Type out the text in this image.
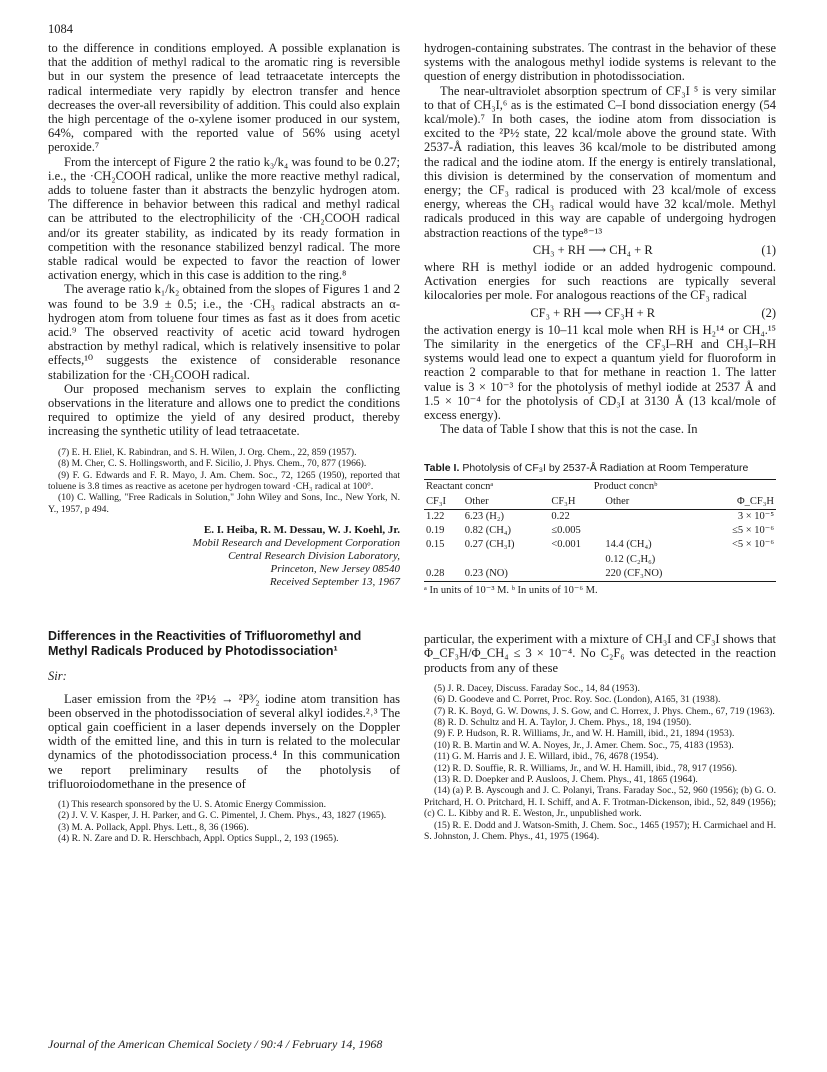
1084

to the difference in conditions employed. A possible explanation is that the addition of methyl radical to the aromatic ring is reversible but in our system the presence of lead tetraacetate intercepts the radical intermediate very rapidly by electron transfer and hence decreases the over-all reversibility of addition. This could also explain the high percentage of the o-xylene isomer produced in our system, 64%, compared with the reported value of 56% using acetyl peroxide.⁷

From the intercept of Figure 2 the ratio k₃/k₄ was found to be 0.27; i.e., the ·CH₂COOH radical, unlike the more reactive methyl radical, adds to toluene faster than it abstracts the benzylic hydrogen atom. The difference in behavior between this radical and methyl radical can be attributed to the electrophilicity of the ·CH₂COOH radical and/or its greater stability, as indicated by its ready formation in competition with the resonance stabilized benzyl radical. The more stable radical would be expected to favor the reaction of lower activation energy, which in this case is addition to the ring.⁸

The average ratio k₁/k₂ obtained from the slopes of Figures 1 and 2 was found to be 3.9 ± 0.5; i.e., the ·CH₃ radical abstracts an α-hydrogen atom from toluene four times as fast as it does from acetic acid.⁹ The observed reactivity of acetic acid toward hydrogen abstraction by methyl radical, which is relatively insensitive to polar effects,¹⁰ suggests the existence of considerable resonance stabilization for the ·CH₂COOH radical.

Our proposed mechanism serves to explain the conflicting observations in the literature and allows one to predict the conditions required to optimize the yield of any desired product, thereby increasing the synthetic utility of lead tetraacetate.

(7) E. H. Eliel, K. Rabindran, and S. H. Wilen, J. Org. Chem., 22, 859 (1957).

(8) M. Cher, C. S. Hollingsworth, and F. Sicilio, J. Phys. Chem., 70, 877 (1966).

(9) F. G. Edwards and F. R. Mayo, J. Am. Chem. Soc., 72, 1265 (1950), reported that toluene is 3.8 times as reactive as acetone per hydrogen toward ·CH₃ radical at 100°.

(10) C. Walling, "Free Radicals in Solution," John Wiley and Sons, Inc., New York, N. Y., 1957, p 494.

E. I. Heiba, R. M. Dessau, W. J. Koehl, Jr.
Mobil Research and Development Corporation
Central Research Division Laboratory,
Princeton, New Jersey 08540
Received September 13, 1967
Differences in the Reactivities of Trifluoromethyl and Methyl Radicals Produced by Photodissociation¹
Sir:

Laser emission from the ²P½ → ²P³⁄₂ iodine atom transition has been observed in the photodissociation of several alkyl iodides.²˒³ The optical gain coefficient in a laser depends inversely on the Doppler width of the emitted line, and this in turn is related to the molecular dynamics of the photodissociation process.⁴ In this communication we report preliminary results of the photolysis of trifluoroiodomethane in the presence of

(1) This research sponsored by the U. S. Atomic Energy Commission.

(2) J. V. V. Kasper, J. H. Parker, and G. C. Pimentel, J. Chem. Phys., 43, 1827 (1965).

(3) M. A. Pollack, Appl. Phys. Lett., 8, 36 (1966).

(4) R. N. Zare and D. R. Herschbach, Appl. Optics Suppl., 2, 193 (1965).

hydrogen-containing substrates. The contrast in the behavior of these systems with the analogous methyl iodide systems is relevant to the question of energy distribution in photodissociation.

The near-ultraviolet absorption spectrum of CF₃I ⁵ is very similar to that of CH₃I,⁶ as is the estimated C–I bond dissociation energy (54 kcal/mole).⁷ In both cases, the iodine atom from dissociation is excited to the ²P½ state, 22 kcal/mole above the ground state. With 2537-Å radiation, this leaves 36 kcal/mole to be distributed among the radical and the iodine atom. If the energy is entirely translational, this division is determined by the conservation of momentum and energy; the CF₃ radical is produced with 23 kcal/mole of excess energy, whereas the CH₃ radical would have 32 kcal/mole. Methyl radicals produced in this way are capable of undergoing hydrogen abstraction reactions of the type⁸⁻¹³

CH₃ + RH ⟶ CH₄ + R	(1)

where RH is methyl iodide or an added hydrogenic compound. Activation energies for such reactions are typically several kilocalories per mole. For analogous reactions of the CF₃ radical

CF₃ + RH ⟶ CF₃H + R	(2)

the activation energy is 10–11 kcal mole when RH is H₂¹⁴ or CH₄.¹⁵ The similarity in the energetics of the CF₃I–RH and CH₃I–RH systems would lead one to expect a quantum yield for fluoroform in reaction 2 comparable to that for methane in reaction 1. The latter value is 3 × 10⁻³ for the photolysis of methyl iodide at 2537 Å and 1.5 × 10⁻⁴ for the photolysis of CD₃I at 3130 Å (13 kcal/mole of excess energy).

The data of Table I show that this is not the case. In

Table I. Photolysis of CF₃I by 2537-Å Radiation at Room Temperature
Reactant concnᵃ		Product concnᵇ		
CF₃I	Other	CF₃H	Other	Φ_CF₃H
1.22	6.23 (H₂)	0.22		3 × 10⁻⁵
0.19	0.82 (CH₄)	≤0.005		≤5 × 10⁻⁶
0.15	0.27 (CH₃I)	<0.001	14.4 (CH₄)	<5 × 10⁻⁶
			0.12 (C₂H₆)	
0.28	0.23 (NO)		220 (CF₃NO)	
ᵃ In units of 10⁻³ M. ᵇ In units of 10⁻⁶ M.

particular, the experiment with a mixture of CH₃I and CF₃I shows that Φ_CF₃H/Φ_CH₄ ≤ 3 × 10⁻⁴. No C₂F₆ was detected in the reaction products from any of these

(5) J. R. Dacey, Discuss. Faraday Soc., 14, 84 (1953).

(6) D. Goodeve and C. Porret, Proc. Roy. Soc. (London), A165, 31 (1938).

(7) R. K. Boyd, G. W. Downs, J. S. Gow, and C. Horrex, J. Phys. Chem., 67, 719 (1963).

(8) R. D. Schultz and H. A. Taylor, J. Chem. Phys., 18, 194 (1950).

(9) F. P. Hudson, R. R. Williams, Jr., and W. H. Hamill, ibid., 21, 1894 (1953).

(10) R. B. Martin and W. A. Noyes, Jr., J. Amer. Chem. Soc., 75, 4183 (1953).

(11) G. M. Harris and J. E. Willard, ibid., 76, 4678 (1954).

(12) R. D. Souffie, R. R. Williams, Jr., and W. H. Hamill, ibid., 78, 917 (1956).

(13) R. D. Doepker and P. Ausloos, J. Chem. Phys., 41, 1865 (1964).

(14) (a) P. B. Ayscough and J. C. Polanyi, Trans. Faraday Soc., 52, 960 (1956); (b) G. O. Pritchard, H. O. Pritchard, H. I. Schiff, and A. F. Trotman-Dickenson, ibid., 52, 849 (1956); (c) C. L. Kibby and R. E. Weston, Jr., unpublished work.

(15) R. E. Dodd and J. Watson-Smith, J. Chem. Soc., 1465 (1957); H. Carmichael and H. S. Johnston, J. Chem. Phys., 41, 1975 (1964).

Journal of the American Chemical Society / 90:4 / February 14, 1968
